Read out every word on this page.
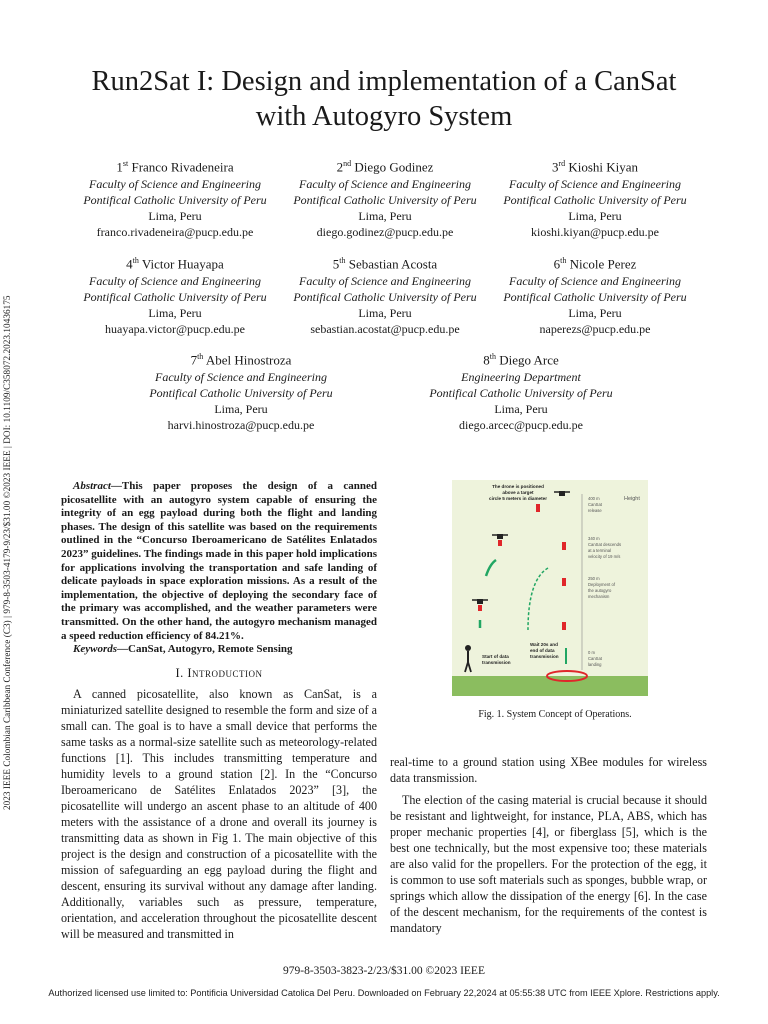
2023 IEEE Colombian Caribbean Conference (C3) | 979-8-3503-4179-9/23/$31.00 ©2023 IEEE | DOI: 10.1109/C358072.2023.10436175
Run2Sat I: Design and implementation of a CanSat
with Autogyro System
1st Franco Rivadeneira
Faculty of Science and Engineering
Pontifical Catholic University of Peru
Lima, Peru
franco.rivadeneira@pucp.edu.pe
2nd Diego Godinez
Faculty of Science and Engineering
Pontifical Catholic University of Peru
Lima, Peru
diego.godinez@pucp.edu.pe
3rd Kioshi Kiyan
Faculty of Science and Engineering
Pontifical Catholic University of Peru
Lima, Peru
kioshi.kiyan@pucp.edu.pe
4th Victor Huayapa
Faculty of Science and Engineering
Pontifical Catholic University of Peru
Lima, Peru
huayapa.victor@pucp.edu.pe
5th Sebastian Acosta
Faculty of Science and Engineering
Pontifical Catholic University of Peru
Lima, Peru
sebastian.acostat@pucp.edu.pe
6th Nicole Perez
Faculty of Science and Engineering
Pontifical Catholic University of Peru
Lima, Peru
naperezs@pucp.edu.pe
7th Abel Hinostroza
Faculty of Science and Engineering
Pontifical Catholic University of Peru
Lima, Peru
harvi.hinostroza@pucp.edu.pe
8th Diego Arce
Engineering Department
Pontifical Catholic University of Peru
Lima, Peru
diego.arcec@pucp.edu.pe
Abstract—This paper proposes the design of a canned picosatellite with an autogyro system capable of ensuring the integrity of an egg payload during both the flight and landing phases. The design of this satellite was based on the requirements outlined in the “Concurso Iberoamericano de Satélites Enlatados 2023” guidelines. The findings made in this paper hold implications for applications involving the transportation and safe landing of delicate payloads in space exploration missions. As a result of the implementation, the objective of deploying the secondary face of the primary was accomplished, and the weather parameters were transmitted. On the other hand, the autogyro mechanism managed a speed reduction efficiency of 84.21%.
Keywords—CanSat, Autogyro, Remote Sensing
I. Introduction

A canned picosatellite, also known as CanSat, is a miniaturized satellite designed to resemble the form and size of a small can. The goal is to have a small device that performs the same tasks as a normal-size satellite such as meteorology-related functions [1]. This includes transmitting temperature and humidity levels to a ground station [2]. In the “Concurso Iberoamericano de Satélites Enlatados 2023” [3], the picosatellite will undergo an ascent phase to an altitude of 400 meters with the assistance of a drone and overall its journey is transmitting data as shown in Fig 1. The main objective of this project is the design and construction of a picosatellite with the mission of safeguarding an egg payload during the flight and descent, ensuring its survival without any damage after landing. Additionally, variables such as pressure, temperature, orientation, and acceleration throughout the picosatellite descent will be measured and transmitted in

The drone is positioned
above a target
circle 5 meters in diameter	Height
400 m
CanSat
release
340 m
CanSat descends
at a terminal
velocity of 19 m/s
250 m
Deployment of
the autogyro
mechanism
0 m
CanSat
landing
Start of data
transmission
Wait 20s and
end of data
transmission
Fig. 1. System Concept of Operations.

real-time to a ground station using XBee modules for wireless data transmission.

The election of the casing material is crucial because it should be resistant and lightweight, for instance, PLA, ABS, which has proper mechanic properties [4], or fiberglass [5], which is the best one technically, but the most expensive too; these materials are also valid for the propellers. For the protection of the egg, it is common to use soft materials such as sponges, bubble wrap, or springs which allow the dissipation of the energy [6]. In the case of the descent mechanism, for the requirements of the contest is mandatory

979-8-3503-3823-2/23/$31.00 ©2023 IEEE
Authorized licensed use limited to: Pontificia Universidad Catolica Del Peru. Downloaded on February 22,2024 at 05:55:38 UTC from IEEE Xplore. Restrictions apply.
